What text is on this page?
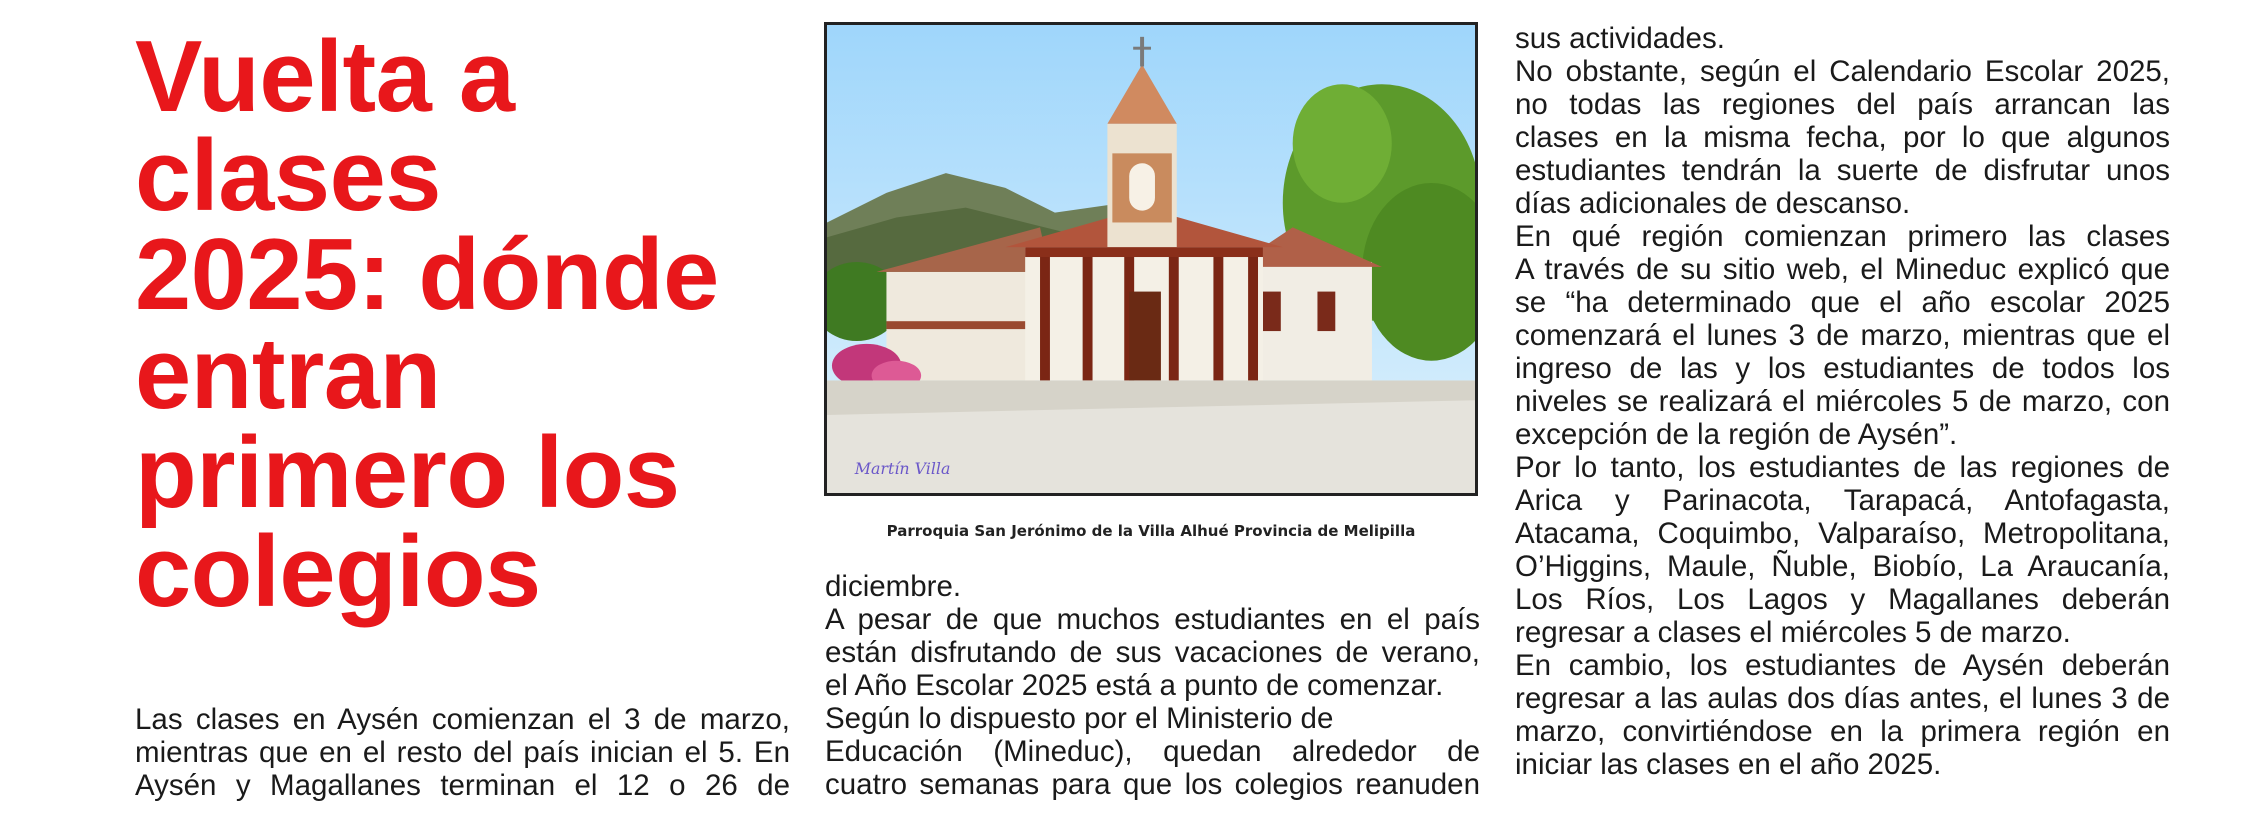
Vuelta a
clases
2025: dónde
entran
primero los
colegios
Martín Villa
Parroquia San Jerónimo de la Villa Alhué Provincia de Melipilla

Las clases en Aysén comienzan el 3 de marzo,

mientras que en el resto del país inician el 5. En

Aysén y Magallanes terminan el 12 o 26 de

diciembre.

A pesar de que muchos estudiantes en el país

están disfrutando de sus vacaciones de verano,

el Año Escolar 2025 está a punto de comenzar.

Según lo dispuesto por el Ministerio de

Educación (Mineduc), quedan alrededor de

cuatro semanas para que los colegios reanuden

sus actividades.

No obstante, según el Calendario Escolar 2025,

no todas las regiones del país arrancan las

clases en la misma fecha, por lo que algunos

estudiantes tendrán la suerte de disfrutar unos

días adicionales de descanso.

En qué región comienzan primero las clases

A través de su sitio web, el Mineduc explicó que

se “ha determinado que el año escolar 2025

comenzará el lunes 3 de marzo, mientras que el

ingreso de las y los estudiantes de todos los

niveles se realizará el miércoles 5 de marzo, con

excepción de la región de Aysén”.

Por lo tanto, los estudiantes de las regiones de

Arica y Parinacota, Tarapacá, Antofagasta,

Atacama, Coquimbo, Valparaíso, Metropolitana,

O’Higgins, Maule, Ñuble, Biobío, La Araucanía,

Los Ríos, Los Lagos y Magallanes deberán

regresar a clases el miércoles 5 de marzo.

En cambio, los estudiantes de Aysén deberán

regresar a las aulas dos días antes, el lunes 3 de

marzo, convirtiéndose en la primera región en

iniciar las clases en el año 2025.
